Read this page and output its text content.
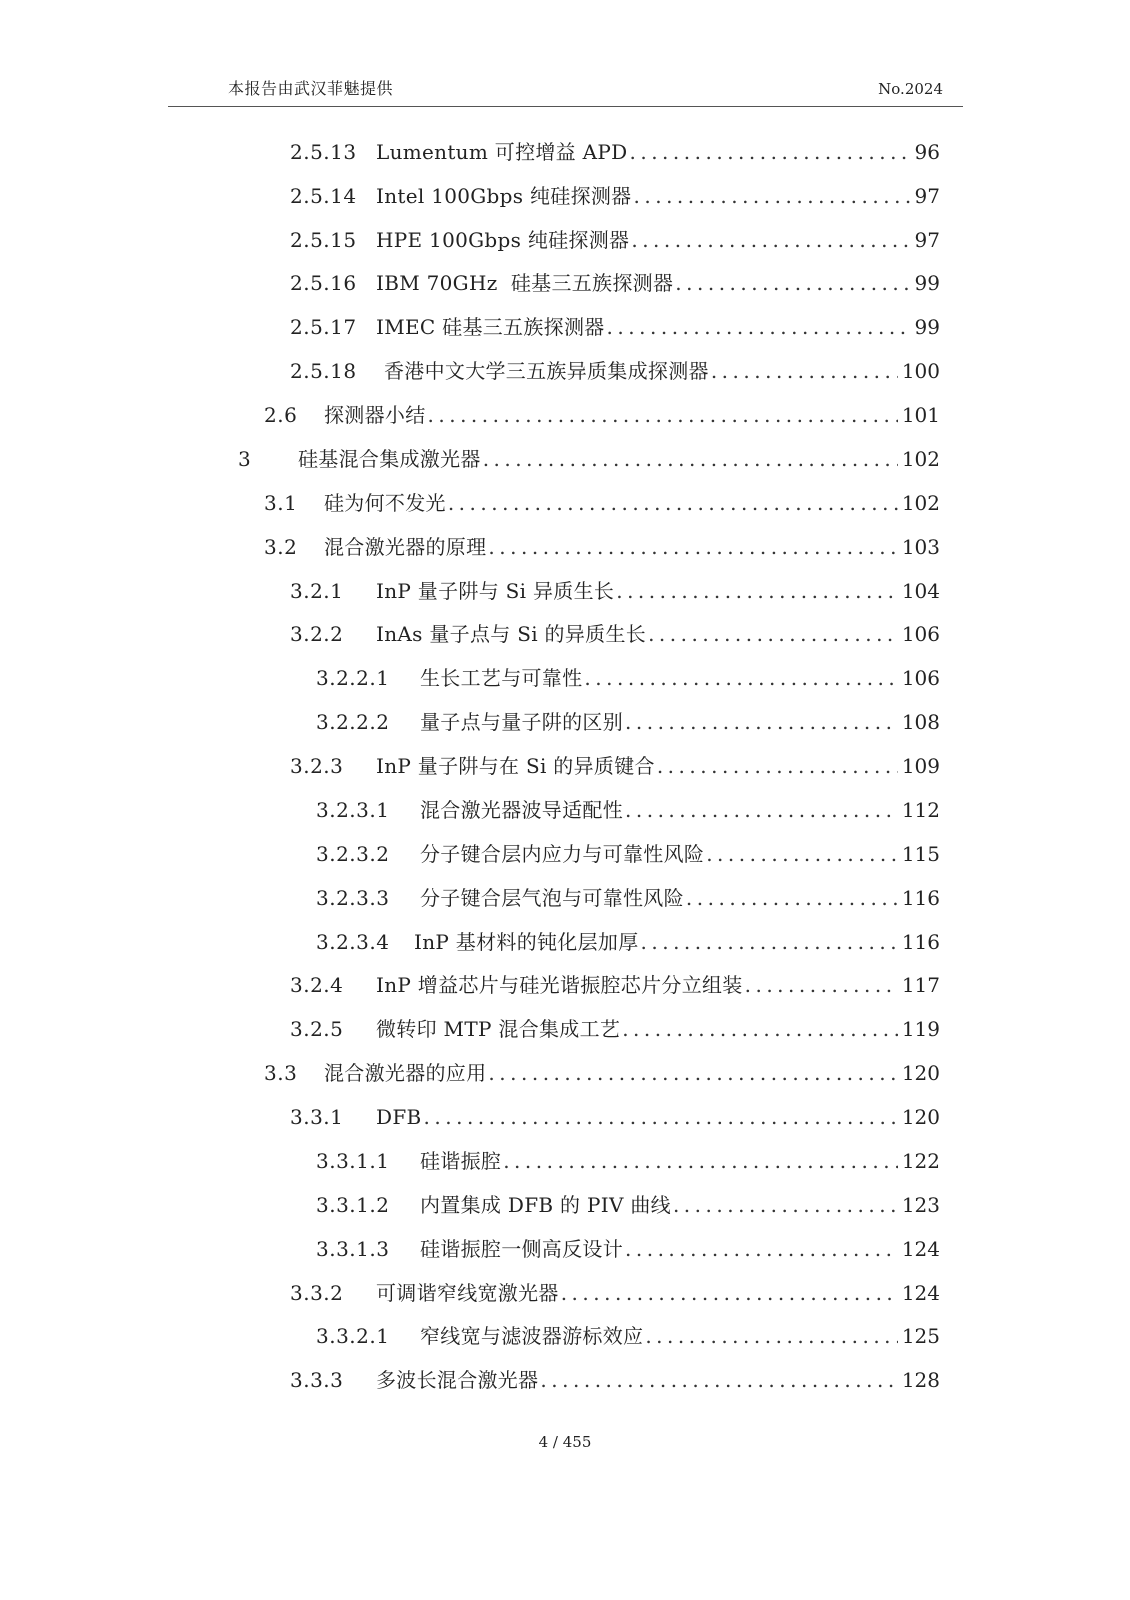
本报告由武汉菲魅提供	No.2024
2.5.13 Lumentum 可控增益 APD .....	96
2.5.14 Intel 100Gbps 纯硅探测器 .....	97
2.5.15 HPE 100Gbps 纯硅探测器 .....	97
2.5.16 IBM 70GHz  硅基三五族探测器 .....	99
2.5.17 IMEC 硅基三五族探测器 .....	99
2.5.18	香港中文大学三五族异质集成探测器 .....	100
2.6	探测器小结 .....	101
3	硅基混合集成激光器 .....	102
3.1	硅为何不发光 .....	102
3.2	混合激光器的原理 .....	103
3.2.1	InP 量子阱与 Si 异质生长 .....	104
3.2.2	InAs 量子点与 Si 的异质生长 .....	106
3.2.2.1	生长工艺与可靠性 .....	106
3.2.2.2	量子点与量子阱的区别 .....	108
3.2.3	InP 量子阱与在 Si 的异质键合 .....	109
3.2.3.1	混合激光器波导适配性 .....	112
3.2.3.2	分子键合层内应力与可靠性风险 .....	115
3.2.3.3	分子键合层气泡与可靠性风险 .....	116
3.2.3.4	InP 基材料的钝化层加厚 .....	116
3.2.4	InP 增益芯片与硅光谐振腔芯片分立组装 .....	117
3.2.5	微转印 MTP 混合集成工艺 .....	119
3.3	混合激光器的应用 .....	120
3.3.1	DFB .....	120
3.3.1.1	硅谐振腔 .....	122
3.3.1.2	内置集成 DFB 的 PIV 曲线 .....	123
3.3.1.3	硅谐振腔一侧高反设计 .....	124
3.3.2	可调谐窄线宽激光器 .....	124
3.3.2.1	窄线宽与滤波器游标效应 .....	125
3.3.3	多波长混合激光器 .....	128
4 / 455
